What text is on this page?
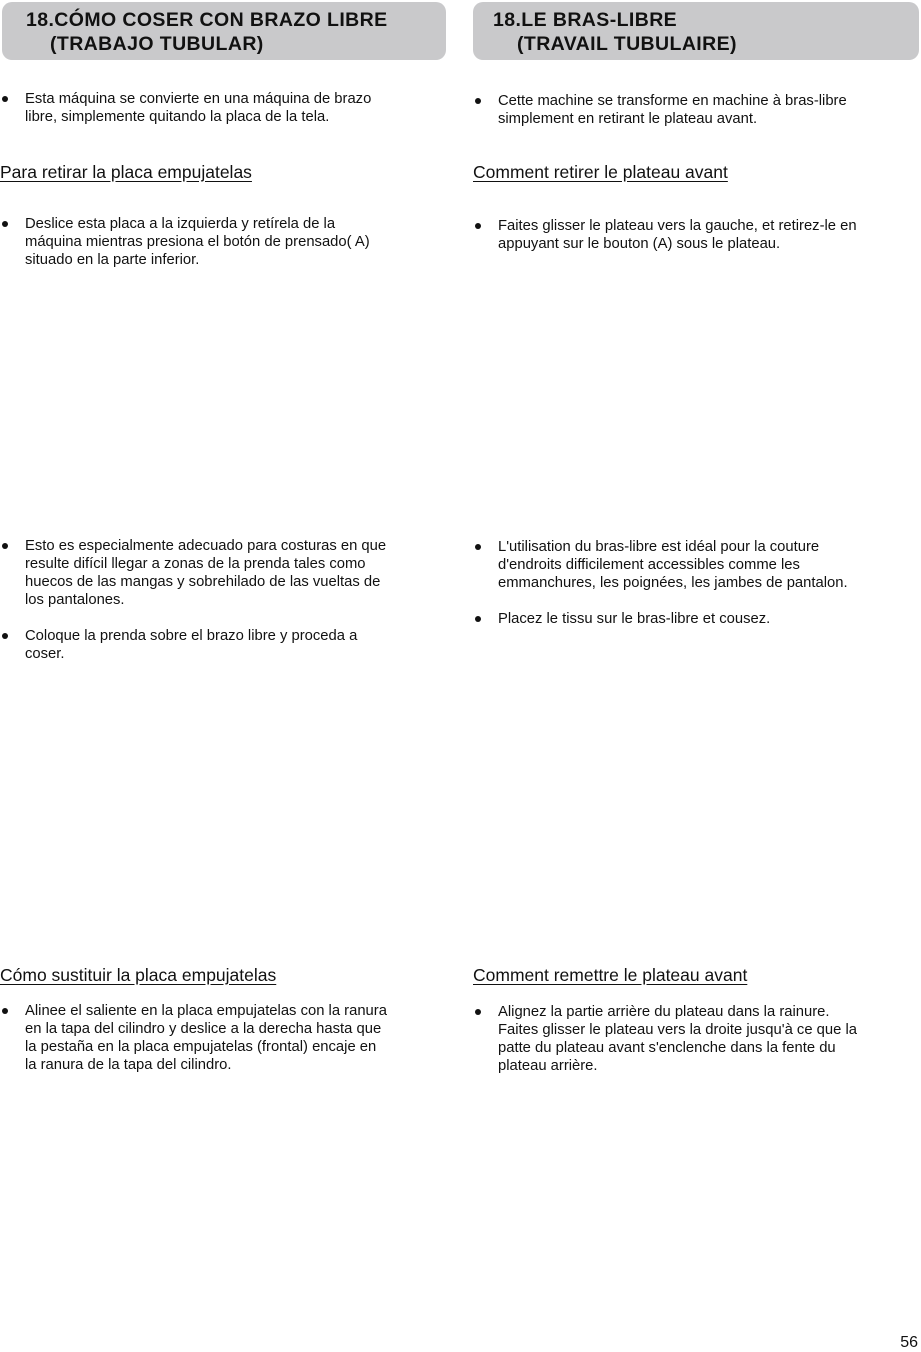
18.CÓMO COSER CON BRAZO LIBRE
(TRABAJO TUBULAR)
Esta máquina se convierte en una máquina de brazo
libre, simplemente quitando la placa de la tela.
Para retirar la placa empujatelas
Deslice esta placa a la izquierda y retírela de la
máquina mientras presiona el botón de prensado( A)
situado en la parte inferior.
Esto es especialmente adecuado para costuras en que
resulte difícil llegar a zonas de la prenda tales como
huecos de las mangas y sobrehilado de las vueltas de
los pantalones.
Coloque la prenda sobre el brazo libre y proceda a
coser.
Cómo sustituir la placa empujatelas
Alinee el saliente en la placa empujatelas con la ranura
en la tapa del cilindro y deslice a la derecha hasta que
la pestaña en la placa empujatelas (frontal) encaje en
la ranura de la tapa del cilindro.
18.LE BRAS-LIBRE
(TRAVAIL TUBULAIRE)
Cette machine se transforme en machine à bras-libre
simplement en retirant le plateau avant.
Comment retirer le plateau avant
Faites glisser le plateau vers la gauche, et retirez-le en
appuyant sur le bouton (A) sous le plateau.
L'utilisation du bras-libre est idéal pour la couture
d'endroits difficilement accessibles comme les
emmanchures, les poignées, les jambes de pantalon.
Placez le tissu sur le bras-libre et cousez.
Comment remettre le plateau avant
Alignez la partie arrière du plateau dans la rainure.
Faites glisser le plateau vers la droite jusqu'à ce que la
patte du plateau avant s'enclenche dans la fente du
plateau arrière.
56
